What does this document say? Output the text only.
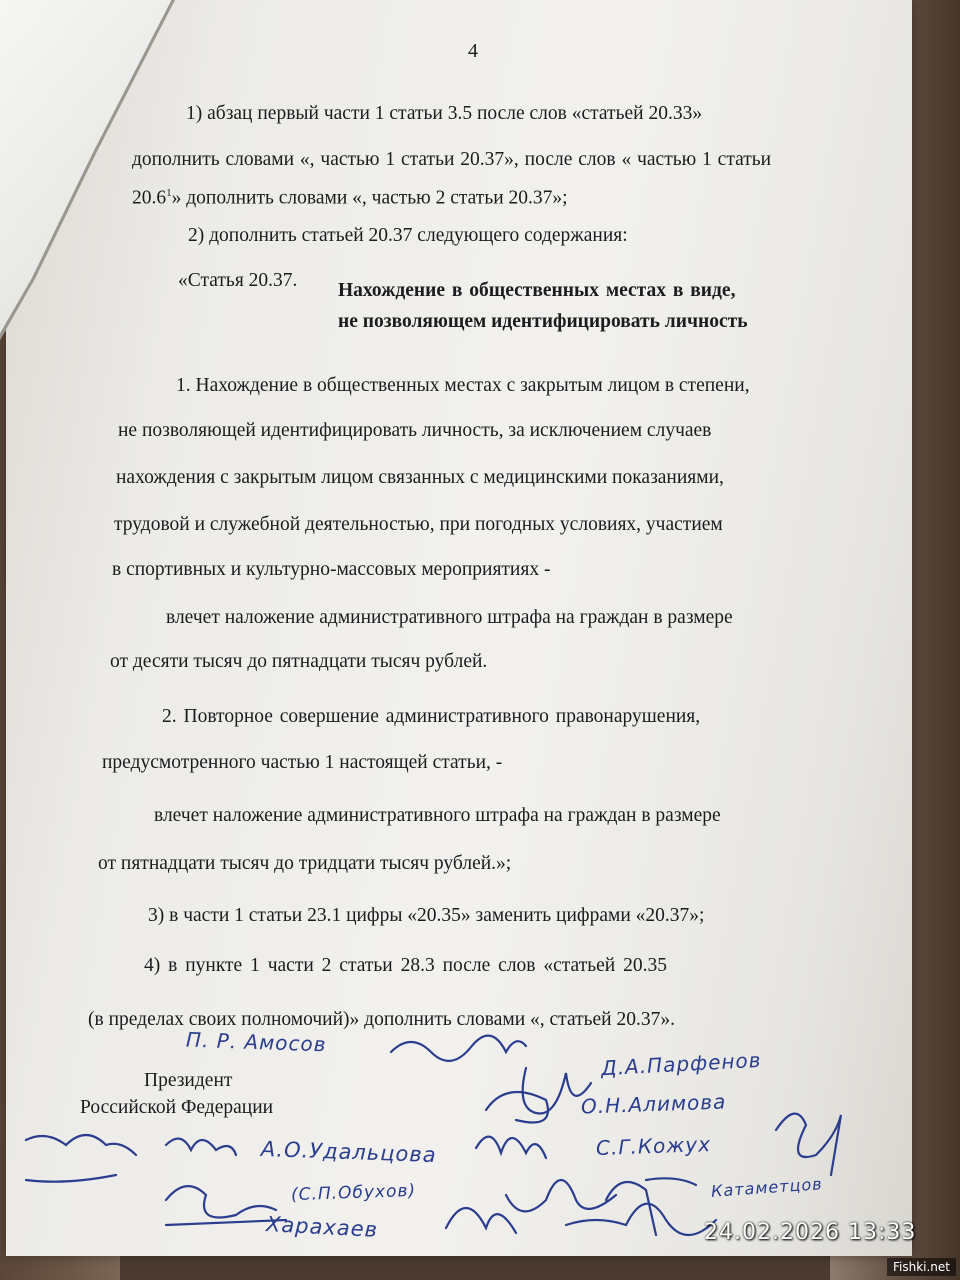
4
1) абзац первый части 1 статьи 3.5 после слов «статьей 20.33»
дополнить словами «, частью 1 статьи 20.37», после слов « частью 1 статьи
20.6$^1$» дополнить словами «, частью 2 статьи 20.37»;
2) дополнить статьей 20.37 следующего содержания:
«Статья 20.37. Нахождение в общественных местах в виде,
не позволяющем идентифицировать личность
1. Нахождение в общественных местах с закрытым лицом в степени,
не позволяющей идентифицировать личность, за исключением случаев
нахождения с закрытым лицом связанных с медицинскими показаниями,
трудовой и служебной деятельностью, при погодных условиях, участием
в спортивных и культурно-массовых мероприятиях -
влечет наложение административного штрафа на граждан в размере
от десяти тысяч до пятнадцати тысяч рублей.
2. Повторное совершение административного правонарушения,
предусмотренного частью 1 настоящей статьи, -
влечет наложение административного штрафа на граждан в размере
от пятнадцати тысяч до тридцати тысяч рублей.»;
3) в части 1 статьи 23.1 цифры «20.35» заменить цифрами «20.37»;
4) в пункте 1 части 2 статьи 28.3 после слов «статьей 20.35
(в пределах своих полномочий)» дополнить словами «, статьей 20.37».
Президент
Российской Федерации
П. Р. Амосов
Д.А.Парфенов
О.Н.Алимова
А.О.Удальцова	С.Г.Кожух
(С.П.Обухов)
Харахаев
Катаметцов
24.02.2026 13:33
Fishki.net
